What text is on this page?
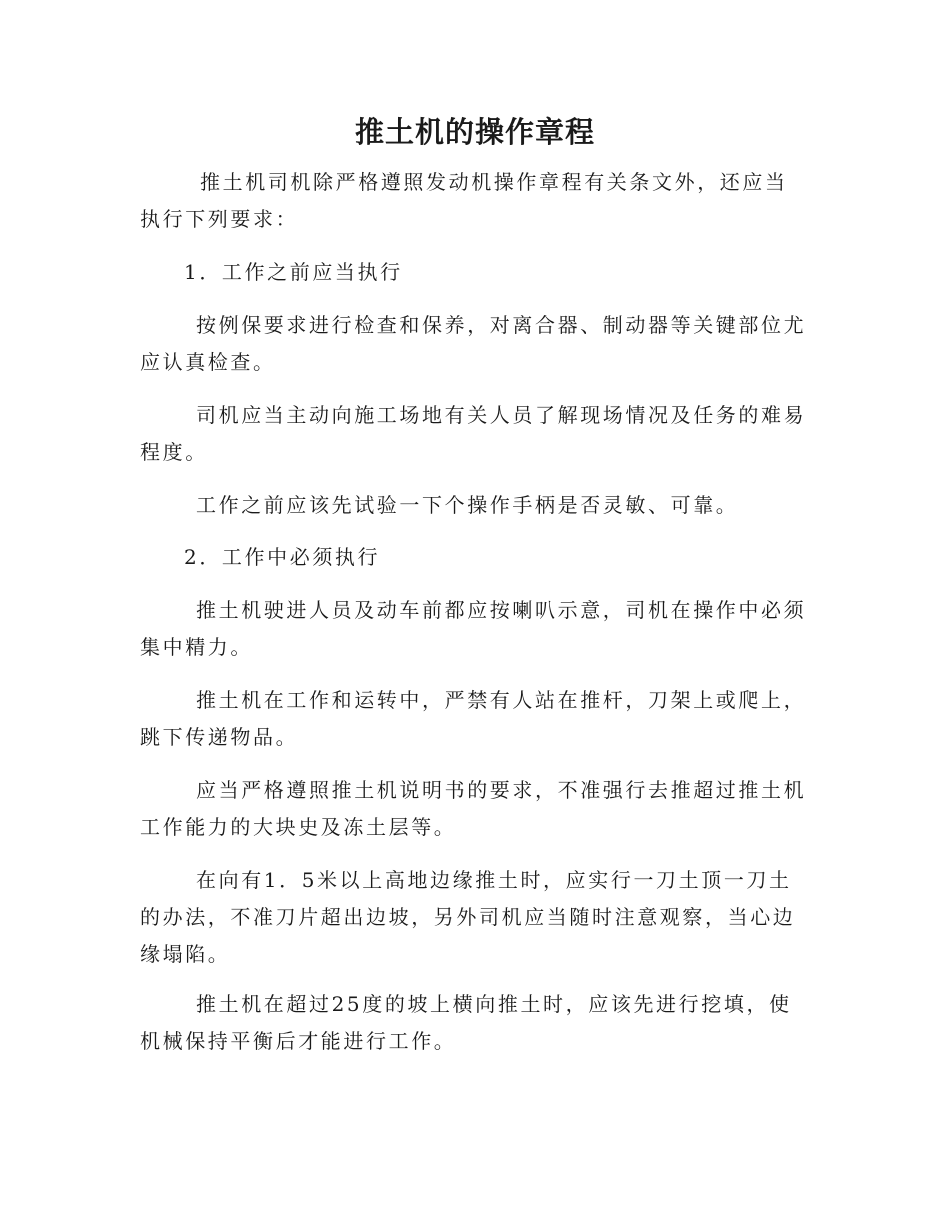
推土机的操作章程

推土机司机除严格遵照发动机操作章程有关条文外，还应当执行下列要求：

1．工作之前应当执行

按例保要求进行检查和保养，对离合器、制动器等关键部位尤应认真检查。

司机应当主动向施工场地有关人员了解现场情况及任务的难易程度。

工作之前应该先试验一下个操作手柄是否灵敏、可靠。

2．工作中必须执行

推土机驶进人员及动车前都应按喇叭示意，司机在操作中必须集中精力。

推土机在工作和运转中，严禁有人站在推杆，刀架上或爬上，跳下传递物品。

应当严格遵照推土机说明书的要求，不准强行去推超过推土机工作能力的大块史及冻土层等。

在向有1．5米以上高地边缘推土时，应实行一刀土顶一刀土的办法，不准刀片超出边坡，另外司机应当随时注意观察，当心边缘塌陷。

推土机在超过25度的坡上横向推土时，应该先进行挖填，使机械保持平衡后才能进行工作。
